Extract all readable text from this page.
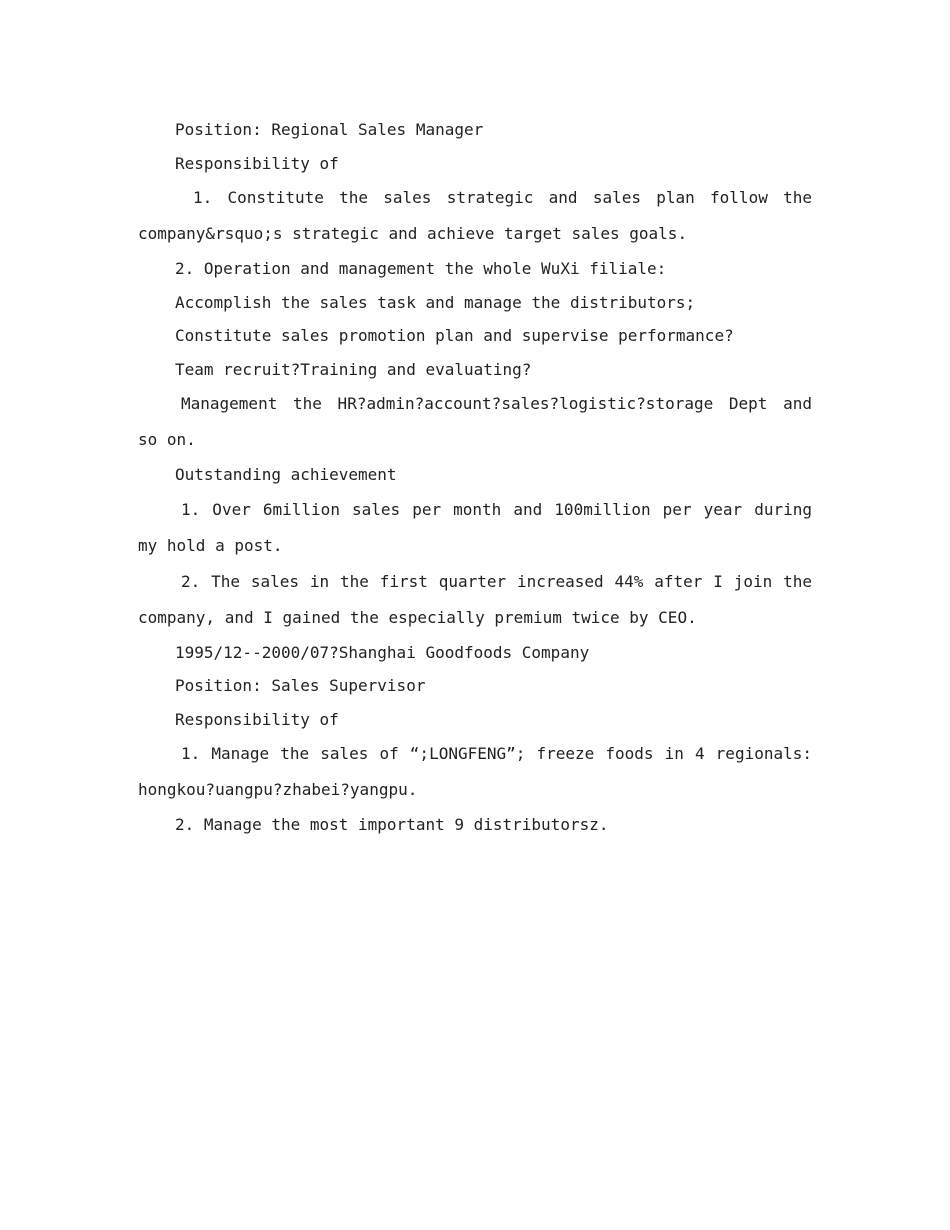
Position: Regional Sales Manager

Responsibility of

1. Constitute the sales strategic and sales plan follow the company&rsquo;s strategic and achieve target sales goals.

2. Operation and management the whole WuXi filiale:

Accomplish the sales task and manage the distributors;

Constitute sales promotion plan and supervise performance?

Team recruit?Training and evaluating?

Management the HR?admin?account?sales?logistic?storage Dept and so on.

Outstanding achievement

1. Over 6million sales per month and 100million per year during my hold a post.

2. The sales in the first quarter increased 44% after I join the company, and I gained the especially premium twice by CEO.

1995/12--2000/07?Shanghai Goodfoods Company

Position: Sales Supervisor

Responsibility of

1. Manage the sales of “;LONGFENG”; freeze foods in 4 regionals: hongkou?uangpu?zhabei?yangpu.

2. Manage the most important 9 distributorsz.
